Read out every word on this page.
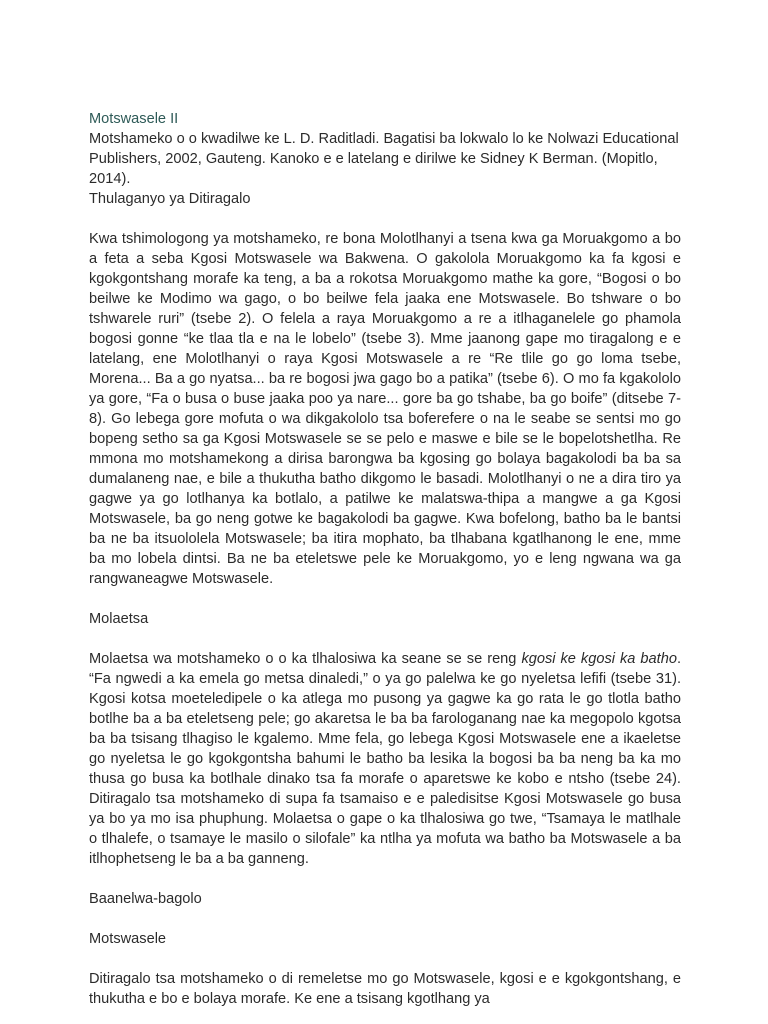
Motswasele II

Motshameko o o kwadilwe ke L. D. Raditladi. Bagatisi ba lokwalo lo ke Nolwazi Educational Publishers, 2002, Gauteng. Kanoko e e latelang e dirilwe ke Sidney K Berman. (Mopitlo, 2014).

Thulaganyo ya Ditiragalo

Kwa tshimologong ya motshameko, re bona Molotlhanyi a tsena kwa ga Moruakgomo a bo a feta a seba Kgosi Motswasele wa Bakwena. O gakolola Moruakgomo ka fa kgosi e kgokgontshang morafe ka teng, a ba a rokotsa Moruakgomo mathe ka gore, “Bogosi o bo beilwe ke Modimo wa gago, o bo beilwe fela jaaka ene Motswasele. Bo tshware o bo tshwarele ruri” (tsebe 2). O felela a raya Moruakgomo a re a itlhaganelele go phamola bogosi gonne “ke tlaa tla e na le lobelo” (tsebe 3). Mme jaanong gape mo tiragalong e e latelang, ene Molotlhanyi o raya Kgosi Motswasele a re “Re tlile go go loma tsebe, Morena... Ba a go nyatsa... ba re bogosi jwa gago bo a patika” (tsebe 6). O mo fa kgakololo ya gore, “Fa o busa o buse jaaka poo ya nare... gore ba go tshabe, ba go boife” (ditsebe 7-8). Go lebega gore mofuta o wa dikgakololo tsa boferefere o na le seabe se sentsi mo go bopeng setho sa ga Kgosi Motswasele se se pelo e maswe e bile se le bopelotshetlha. Re mmona mo motshamekong a dirisa barongwa ba kgosing go bolaya bagakolodi ba ba sa dumalaneng nae, e bile a thukutha batho dikgomo le basadi. Molotlhanyi o ne a dira tiro ya gagwe ya go lotlhanya ka botlalo, a patilwe ke malatswa-thipa a mangwe a ga Kgosi Motswasele, ba go neng gotwe ke bagakolodi ba gagwe. Kwa bofelong, batho ba le bantsi ba ne ba itsuololela Motswasele; ba itira mophato, ba tlhabana kgatlhanong le ene, mme ba mo lobela dintsi. Ba ne ba eteletswe pele ke Moruakgomo, yo e leng ngwana wa ga rangwaneagwe Motswasele.

Molaetsa

Molaetsa wa motshameko o o ka tlhalosiwa ka seane se se reng kgosi ke kgosi ka batho. “Fa ngwedi a ka emela go metsa dinaledi,” o ya go palelwa ke go nyeletsa lefifi (tsebe 31). Kgosi kotsa moeteledipele o ka atlega mo pusong ya gagwe ka go rata le go tlotla batho botlhe ba a ba eteletseng pele; go akaretsa le ba ba farologanang nae ka megopolo kgotsa ba ba tsisang tlhagiso le kgalemo. Mme fela, go lebega Kgosi Motswasele ene a ikaeletse go nyeletsa le go kgokgontsha bahumi le batho ba lesika la bogosi ba ba neng ba ka mo thusa go busa ka botlhale dinako tsa fa morafe o aparetswe ke kobo e ntsho (tsebe 24). Ditiragalo tsa motshameko di supa fa tsamaiso e e paledisitse Kgosi Motswasele go busa ya bo ya mo isa phuphung. Molaetsa o gape o ka tlhalosiwa go twe, “Tsamaya le matlhale o tlhalefe, o tsamaye le masilo o silofale” ka ntlha ya mofuta wa batho ba Motswasele a ba itlhophetseng le ba a ba ganneng.

Baanelwa-bagolo

Motswasele

Ditiragalo tsa motshameko o di remeletse mo go Motswasele, kgosi e e kgokgontshang, e thukutha e bo e bolaya morafe. Ke ene a tsisang kgotlhang ya
